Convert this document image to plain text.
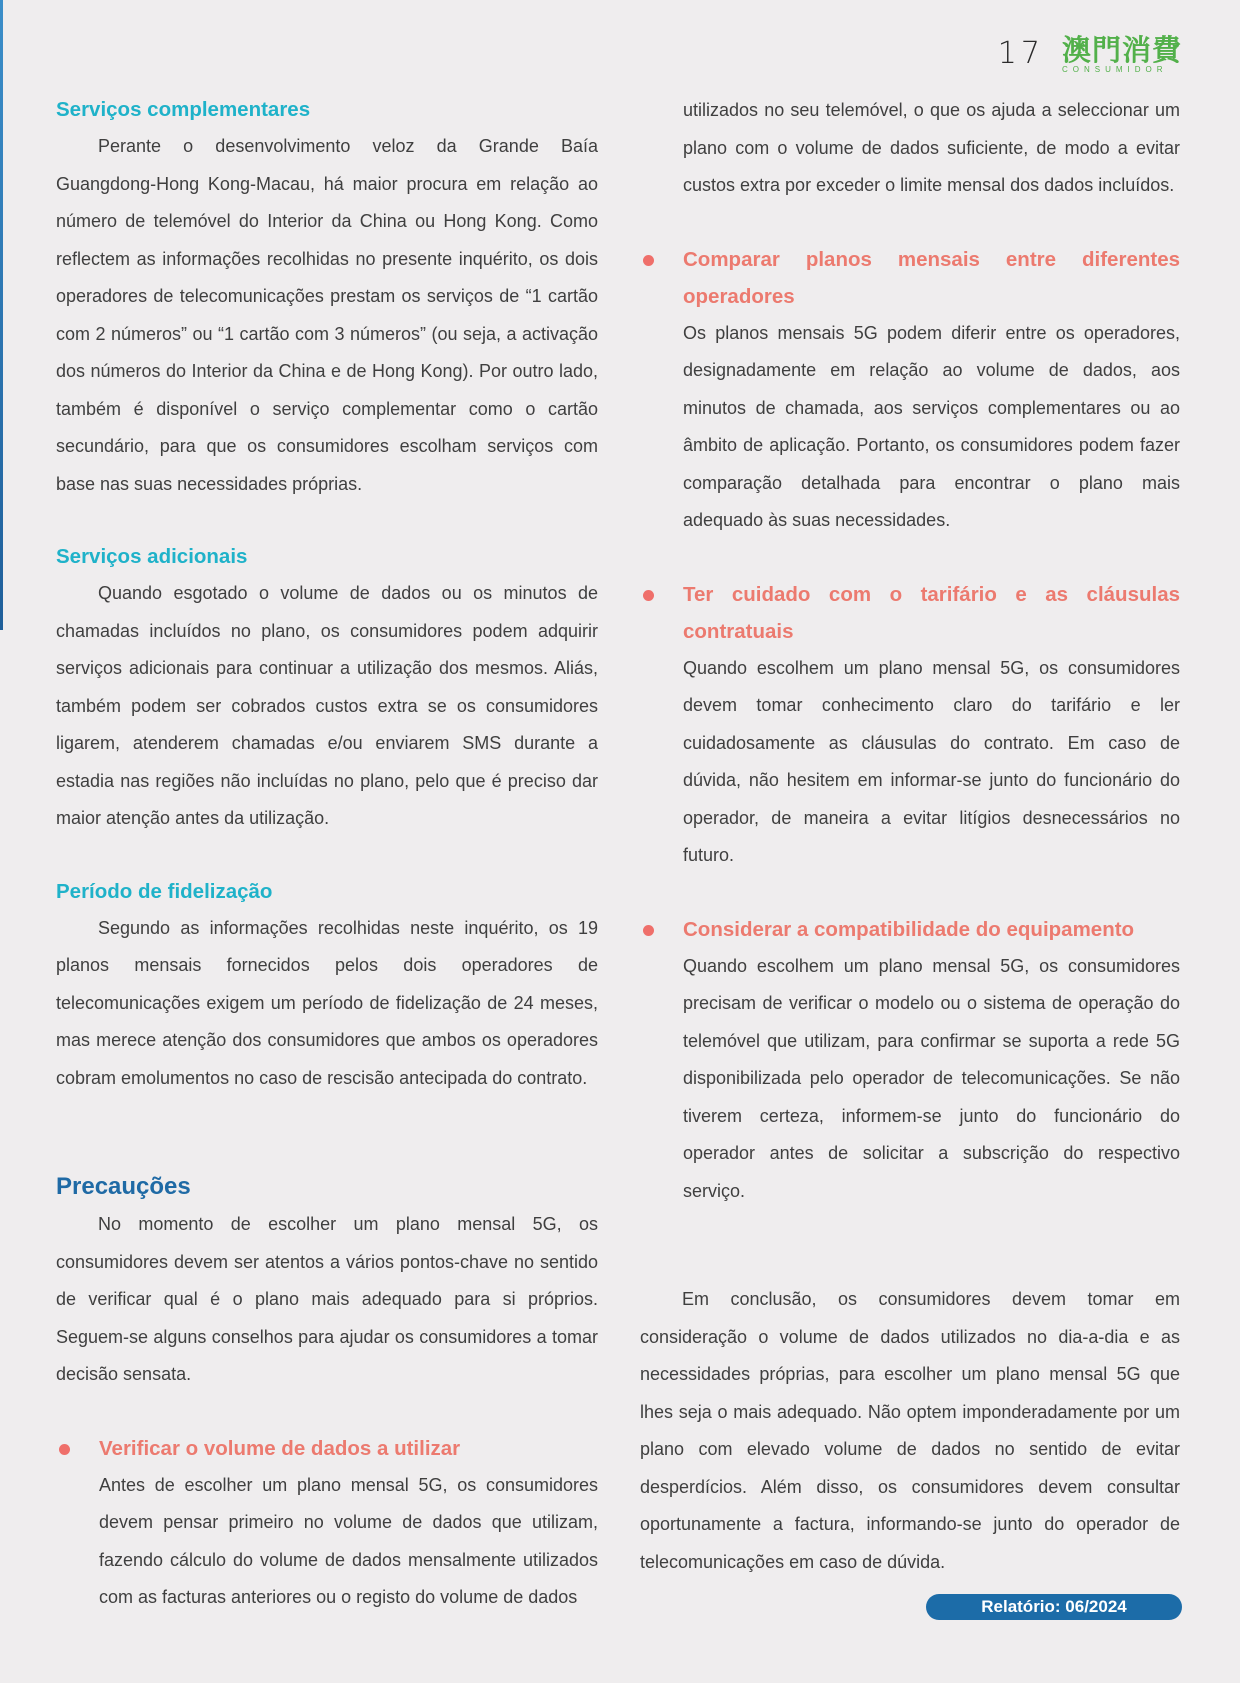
17 澳門消費
CONSUMIDOR
Serviços complementares

Perante o desenvolvimento veloz da Grande Baía Guangdong-Hong Kong-Macau, há maior procura em relação ao número de telemóvel do Interior da China ou Hong Kong. Como reflectem as informações recolhidas no presente inquérito, os dois operadores de telecomunicações prestam os serviços de “1 cartão com 2 números” ou “1 cartão com 3 números” (ou seja, a activação dos números do Interior da China e de Hong Kong). Por outro lado, também é disponível o serviço complementar como o cartão secundário, para que os consumidores escolham serviços com base nas suas necessidades próprias.

Serviços adicionais

Quando esgotado o volume de dados ou os minutos de chamadas incluídos no plano, os consumidores podem adquirir serviços adicionais para continuar a utilização dos mesmos. Aliás, também podem ser cobrados custos extra se os consumidores ligarem, atenderem chamadas e/ou enviarem SMS durante a estadia nas regiões não incluídas no plano, pelo que é preciso dar maior atenção antes da utilização.

Período de fidelização

Segundo as informações recolhidas neste inquérito, os 19 planos mensais fornecidos pelos dois operadores de telecomunicações exigem um período de fidelização de 24 meses, mas merece atenção dos consumidores que ambos os operadores cobram emolumentos no caso de rescisão antecipada do contrato.

Precauções

No momento de escolher um plano mensal 5G, os consumidores devem ser atentos a vários pontos-chave no sentido de verificar qual é o plano mais adequado para si próprios. Seguem-se alguns conselhos para ajudar os consumidores a tomar decisão sensata.

Verificar o volume de dados a utilizar

Antes de escolher um plano mensal 5G, os consumidores devem pensar primeiro no volume de dados que utilizam, fazendo cálculo do volume de dados mensalmente utilizados com as facturas anteriores ou o registo do volume de dados

utilizados no seu telemóvel, o que os ajuda a seleccionar um plano com o volume de dados suficiente, de modo a evitar custos extra por exceder o limite mensal dos dados incluídos.

Comparar planos mensais entre diferentes
operadores

Os planos mensais 5G podem diferir entre os operadores, designadamente em relação ao volume de dados, aos minutos de chamada, aos serviços complementares ou ao âmbito de aplicação. Portanto, os consumidores podem fazer comparação detalhada para encontrar o plano mais adequado às suas necessidades.

Ter cuidado com o tarifário e as cláusulas
contratuais

Quando escolhem um plano mensal 5G, os consumidores devem tomar conhecimento claro do tarifário e ler cuidadosamente as cláusulas do contrato. Em caso de dúvida, não hesitem em informar-se junto do funcionário do operador, de maneira a evitar litígios desnecessários no futuro.

Considerar a compatibilidade do equipamento

Quando escolhem um plano mensal 5G, os consumidores precisam de verificar o modelo ou o sistema de operação do telemóvel que utilizam, para confirmar se suporta a rede 5G disponibilizada pelo operador de telecomunicações. Se não tiverem certeza, informem-se junto do funcionário do operador antes de solicitar a subscrição do respectivo serviço.

Em conclusão, os consumidores devem tomar em consideração o volume de dados utilizados no dia-a-dia e as necessidades próprias, para escolher um plano mensal 5G que lhes seja o mais adequado. Não optem imponderadamente por um plano com elevado volume de dados no sentido de evitar desperdícios. Além disso, os consumidores devem consultar oportunamente a factura, informando-se junto do operador de telecomunicações em caso de dúvida.

Relatório: 06/2024
